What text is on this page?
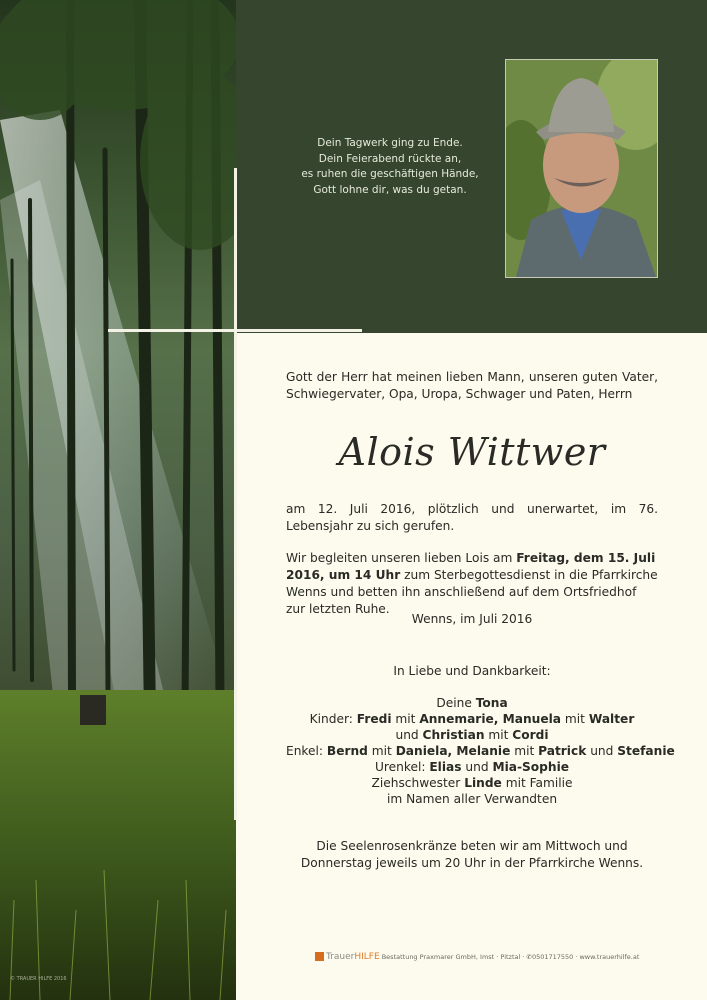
© TRAUER HILFE 2016
Dein Tagwerk ging zu Ende.
Dein Feierabend rückte an,
es ruhen die geschäftigen Hände,
Gott lohne dir, was du getan.
Gott der Herr hat meinen lieben Mann, unseren guten Vater, Schwiegervater, Opa, Uropa, Schwager und Paten, Herrn
Alois Wittwer
am 12. Juli 2016, plötzlich und unerwartet, im 76. Lebensjahr zu sich gerufen.
Wir begleiten unseren lieben Lois am Freitag, dem 15. Juli 2016, um 14 Uhr zum Sterbegottesdienst in die Pfarrkirche Wenns und betten ihn anschließend auf dem Ortsfriedhof zur letzten Ruhe.
Wenns, im Juli 2016
In Liebe und Dankbarkeit:
Deine Tona
Kinder: Fredi mit Annemarie, Manuela mit Walter
und Christian mit Cordi
Enkel: Bernd mit Daniela, Melanie mit Patrick und Stefanie
Urenkel: Elias und Mia-Sophie
Ziehschwester Linde mit Familie
im Namen aller Verwandten
Die Seelenrosenkränze beten wir am Mittwoch und Donnerstag jeweils um 20 Uhr in der Pfarrkirche Wenns.
TrauerHILFE Bestattung Praxmarer GmbH, Imst · Pitztal · ✆0501717550 · www.trauerhilfe.at
